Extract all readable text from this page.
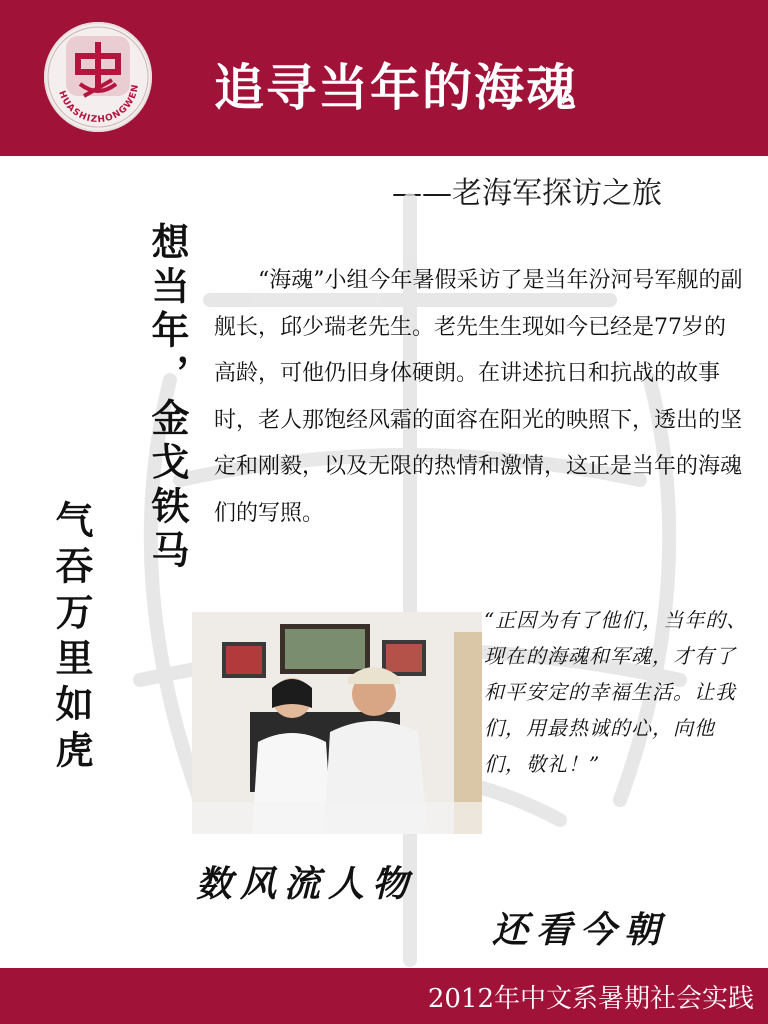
HUASHIZHONGWEN 追寻当年的海魂
——老海军探访之旅
想当年，金戈铁马
气吞万里如虎
“海魂”小组今年暑假采访了是当年汾河号军舰的副舰长，邱少瑞老先生。老先生生现如今已经是77岁的高龄，可他仍旧身体硬朗。在讲述抗日和抗战的故事时，老人那饱经风霜的面容在阳光的映照下，透出的坚定和刚毅，以及无限的热情和激情，这正是当年的海魂们的写照。
“正因为有了他们，当年的、现在的海魂和军魂，才有了和平安定的幸福生活。让我们，用最热诚的心，向他们，敬礼！”
数风流人物
还看今朝
2012年中文系暑期社会实践
